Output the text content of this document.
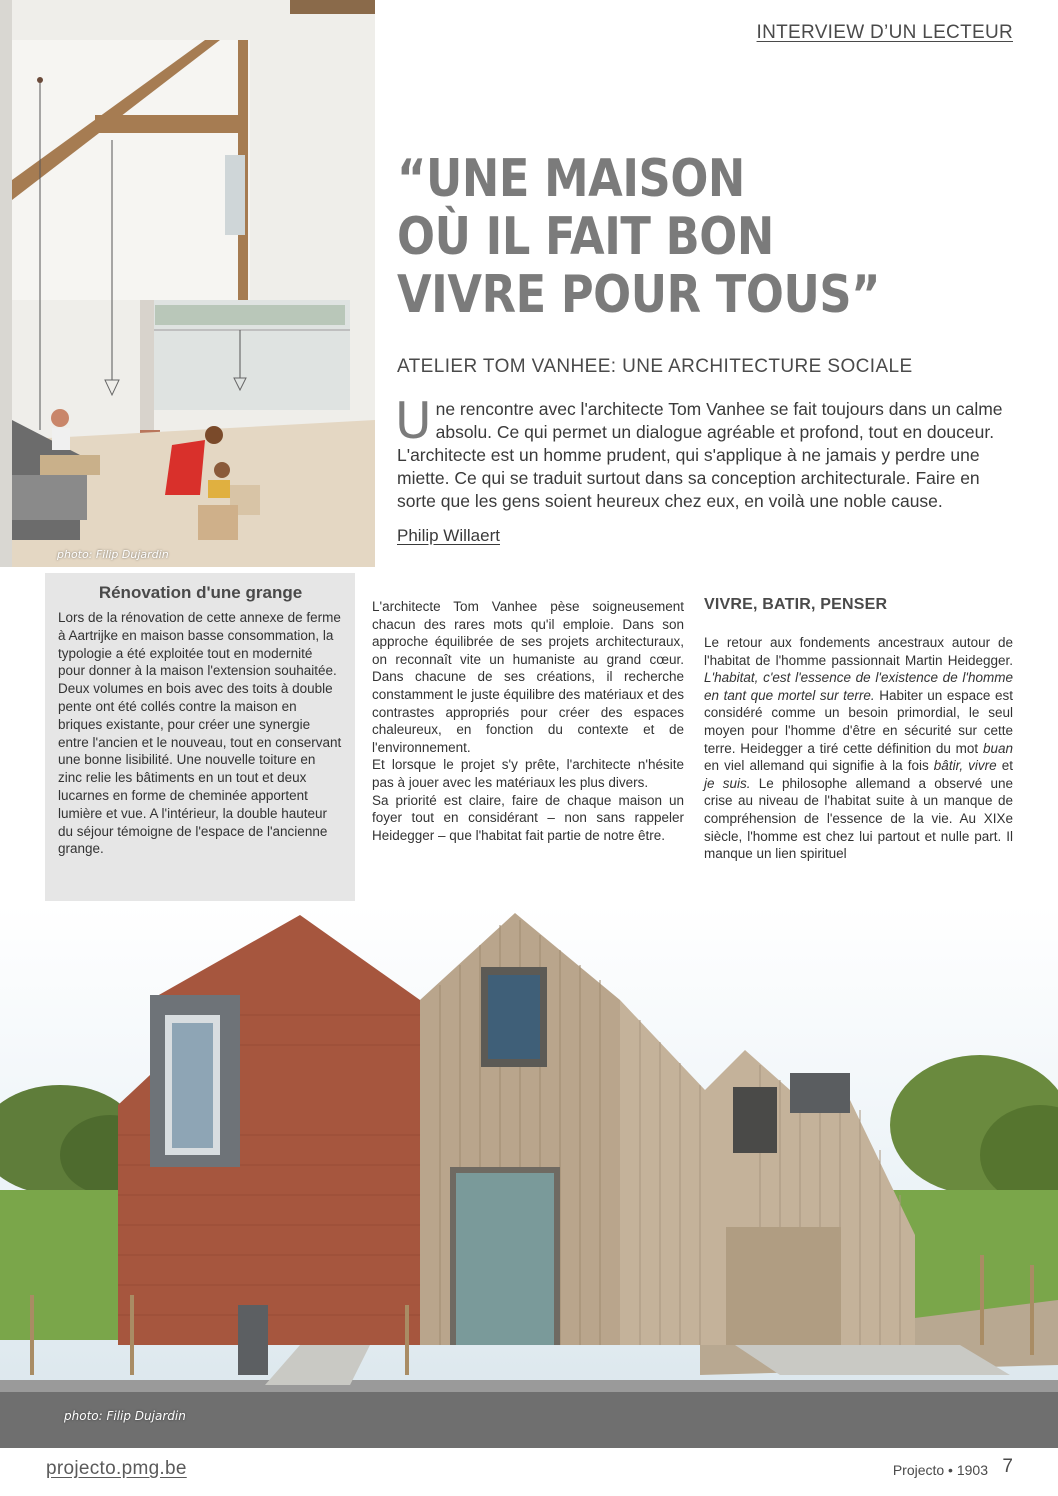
photo: Filip Dujardin
INTERVIEW D’UN LECTEUR
“UNE MAISON
OÙ IL FAIT BON
VIVRE POUR TOUS”
ATELIER TOM VANHEE: UNE ARCHITECTURE SOCIALE
Une rencontre avec l'architecte Tom Vanhee se fait toujours dans un calme absolu. Ce qui permet un dialogue agréable et profond, tout en douceur. L'architecte est un homme prudent, qui s'applique à ne jamais y perdre une miette. Ce qui se traduit surtout dans sa conception architecturale. Faire en sorte que les gens soient heureux chez eux, en voilà une noble cause.
Philip Willaert

Rénovation d'une grange

Lors de la rénovation de cette annexe de ferme à Aartrijke en maison basse consommation, la typologie a été exploitée tout en modernité pour donner à la maison l'extension souhaitée. Deux volumes en bois avec des toits à double pente ont été collés contre la maison en briques existante, pour créer une synergie entre l'ancien et le nouveau, tout en conservant une bonne lisibilité. Une nouvelle toiture en zinc relie les bâtiments en un tout et deux lucarnes en forme de cheminée apportent lumière et vue. A l'intérieur, la double hauteur du séjour témoigne de l'espace de l'ancienne grange.

L'architecte Tom Vanhee pèse soigneusement chacun des rares mots qu'il emploie. Dans son approche équilibrée de ses projets architecturaux, on reconnaît vite un humaniste au grand cœur. Dans chacune de ses créations, il recherche constamment le juste équilibre des matériaux et des contrastes appropriés pour créer des espaces chaleureux, en fonction du contexte et de l'environnement.

Et lorsque le projet s'y prête, l'architecte n'hésite pas à jouer avec les matériaux les plus divers.

Sa priorité est claire, faire de chaque maison un foyer tout en considérant – non sans rappeler Heidegger – que l'habitat fait partie de notre être.

VIVRE, BATIR, PENSER

Le retour aux fondements ancestraux autour de l'habitat de l'homme passionnait Martin Heidegger. L'habitat, c'est l'essence de l'existence de l'homme en tant que mortel sur terre. Habiter un espace est considéré comme un besoin primordial, le seul moyen pour l'homme d'être en sécurité sur cette terre. Heidegger a tiré cette définition du mot buan en viel allemand qui signifie à la fois bâtir, vivre et je suis. Le philosophe allemand a observé une crise au niveau de l'habitat suite à un manque de compréhension de l'essence de la vie. Au XIXe siècle, l'homme est chez lui partout et nulle part. Il manque un lien spirituel

photo: Filip Dujardin
projecto.pmg.be	Projecto • 1903 7
